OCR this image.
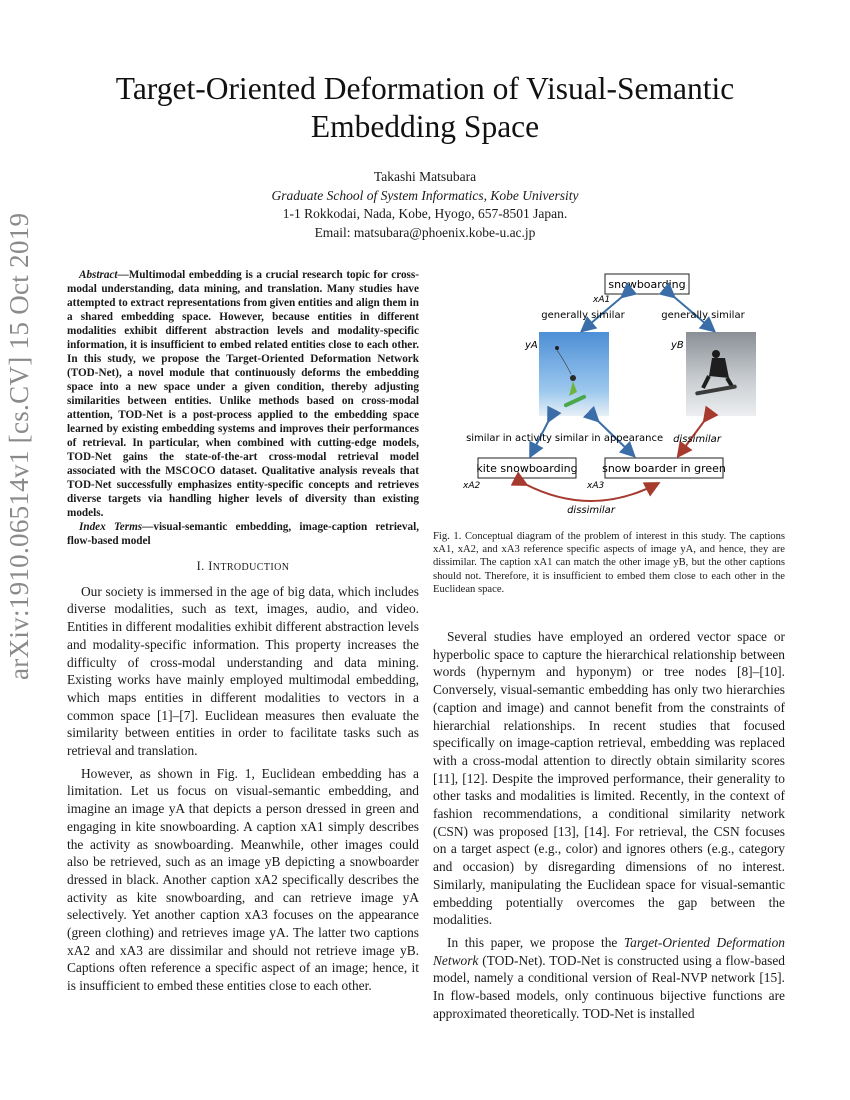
arXiv:1910.06514v1 [cs.CV] 15 Oct 2019
Target-Oriented Deformation of Visual-Semantic
Embedding Space
Takashi Matsubara
Graduate School of System Informatics, Kobe University
1-1 Rokkodai, Nada, Kobe, Hyogo, 657-8501 Japan.
Email: matsubara@phoenix.kobe-u.ac.jp

Abstract—Multimodal embedding is a crucial research topic for cross-modal understanding, data mining, and translation. Many studies have attempted to extract representations from given entities and align them in a shared embedding space. However, because entities in different modalities exhibit different abstraction levels and modality-specific information, it is insufficient to embed related entities close to each other. In this study, we propose the Target-Oriented Deformation Network (TOD-Net), a novel module that continuously deforms the embedding space into a new space under a given condition, thereby adjusting similarities between entities. Unlike methods based on cross-modal attention, TOD-Net is a post-process applied to the embedding space learned by existing embedding systems and improves their performances of retrieval. In particular, when combined with cutting-edge models, TOD-Net gains the state-of-the-art cross-modal retrieval model associated with the MSCOCO dataset. Qualitative analysis reveals that TOD-Net successfully emphasizes entity-specific concepts and retrieves diverse targets via handling higher levels of diversity than existing models.

Index Terms—visual-semantic embedding, image-caption retrieval, flow-based model

I. INTRODUCTION

Our society is immersed in the age of big data, which includes diverse modalities, such as text, images, audio, and video. Entities in different modalities exhibit different abstraction levels and modality-specific information. This property increases the difficulty of cross-modal understanding and data mining. Existing works have mainly employed multimodal embedding, which maps entities in different modalities to vectors in a common space [1]–[7]. Euclidean measures then evaluate the similarity between entities in order to facilitate tasks such as retrieval and translation.

However, as shown in Fig. 1, Euclidean embedding has a limitation. Let us focus on visual-semantic embedding, and imagine an image yA that depicts a person dressed in green and engaging in kite snowboarding. A caption xA1 simply describes the activity as snowboarding. Meanwhile, other images could also be retrieved, such as an image yB depicting a snowboarder dressed in black. Another caption xA2 specifically describes the activity as kite snowboarding, and can retrieve image yA selectively. Yet another caption xA3 focuses on the appearance (green clothing) and retrieves image yA. The latter two captions xA2 and xA3 are dissimilar and should not retrieve image yB. Captions often reference a specific aspect of an image; hence, it is insufficient to embed these entities close to each other.

snowboarding
xA1
kite snowboarding
xA2
snow boarder in green
xA3
yA	yB
generally similar	generally similar
similar in activity similar in appearance dissimilar
dissimilar
Fig. 1. Conceptual diagram of the problem of interest in this study. The captions xA1, xA2, and xA3 reference specific aspects of image yA, and hence, they are dissimilar. The caption xA1 can match the other image yB, but the other captions should not. Therefore, it is insufficient to embed them close to each other in the Euclidean space.

Several studies have employed an ordered vector space or hyperbolic space to capture the hierarchical relationship between words (hypernym and hyponym) or tree nodes [8]–[10]. Conversely, visual-semantic embedding has only two hierarchies (caption and image) and cannot benefit from the constraints of hierarchial relationships. In recent studies that focused specifically on image-caption retrieval, embedding was replaced with a cross-modal attention to directly obtain similarity scores [11], [12]. Despite the improved performance, their generality to other tasks and modalities is limited. Recently, in the context of fashion recommendations, a conditional similarity network (CSN) was proposed [13], [14]. For retrieval, the CSN focuses on a target aspect (e.g., color) and ignores others (e.g., category and occasion) by disregarding dimensions of no interest. Similarly, manipulating the Euclidean space for visual-semantic embedding potentially overcomes the gap between the modalities.

In this paper, we propose the Target-Oriented Deformation Network (TOD-Net). TOD-Net is constructed using a flow-based model, namely a conditional version of Real-NVP network [15]. In flow-based models, only continuous bijective functions are approximated theoretically. TOD-Net is installed
